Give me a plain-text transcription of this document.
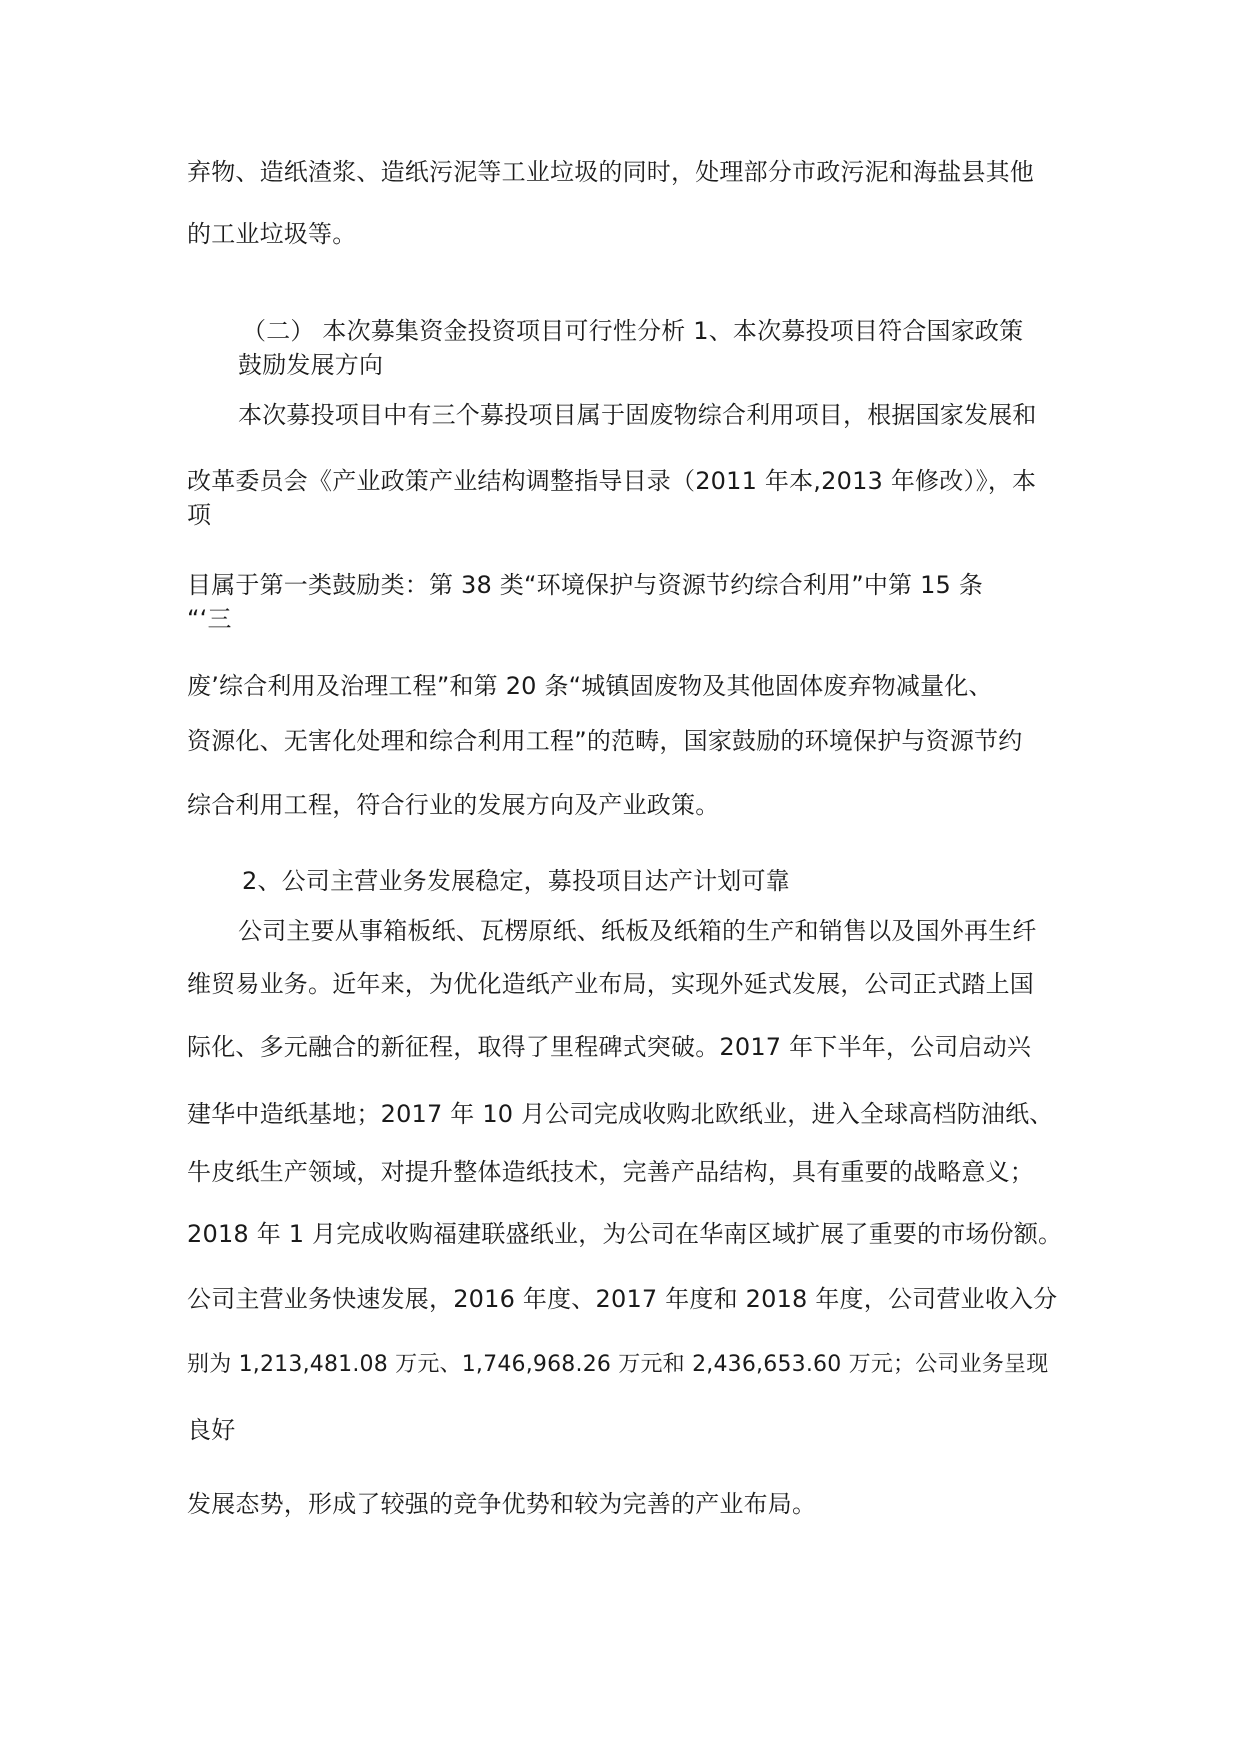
弃物、造纸渣浆、造纸污泥等工业垃圾的同时，处理部分市政污泥和海盐县其他
的工业垃圾等。
（二） 本次募集资金投资项目可行性分析 1、本次募投项目符合国家政策
鼓励发展方向
本次募投项目中有三个募投项目属于固废物综合利用项目，根据国家发展和
改革委员会《产业政策产业结构调整指导目录（2011 年本,2013 年修改）》，本
项
目属于第一类鼓励类：第 38 类“环境保护与资源节约综合利用”中第 15 条
“‘三
废’综合利用及治理工程”和第 20 条“城镇固废物及其他固体废弃物减量化、
资源化、无害化处理和综合利用工程”的范畴，国家鼓励的环境保护与资源节约
综合利用工程，符合行业的发展方向及产业政策。
2、公司主营业务发展稳定，募投项目达产计划可靠
公司主要从事箱板纸、瓦楞原纸、纸板及纸箱的生产和销售以及国外再生纤
维贸易业务。近年来，为优化造纸产业布局，实现外延式发展，公司正式踏上国
际化、多元融合的新征程，取得了里程碑式突破。2017 年下半年，公司启动兴
建华中造纸基地；2017 年 10 月公司完成收购北欧纸业，进入全球高档防油纸、
牛皮纸生产领域，对提升整体造纸技术，完善产品结构，具有重要的战略意义；
2018 年 1 月完成收购福建联盛纸业，为公司在华南区域扩展了重要的市场份额。
公司主营业务快速发展，2016 年度、2017 年度和 2018 年度，公司营业收入分
别为 1,213,481.08 万元、1,746,968.26 万元和 2,436,653.60 万元；公司业务呈现
良好
发展态势，形成了较强的竞争优势和较为完善的产业布局。
